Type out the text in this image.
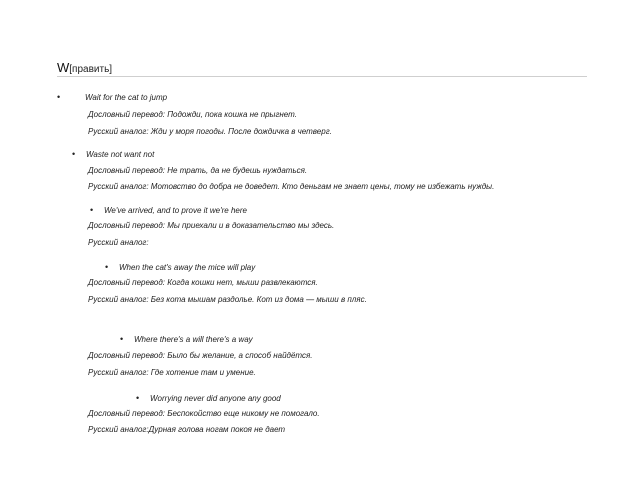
W[править]
•	Wait for the cat to jump
Дословный перевод: Подожди, пока кошка не прыгнет.
Русский аналог: Жди у моря погоды. После дождичка в четверг.
• Waste not want not
Дословный перевод: Не трать, да не будешь нуждаться.
Русский аналог: Мотовство до добра не доведет. Кто деньгам не знает цены, тому не избежать нужды.
• We've arrived, and to prove it we're here
Дословный перевод: Мы приехали и в доказательство мы здесь.
Русский аналог:
• When the cat's away the mice will play
Дословный перевод: Когда кошки нет, мыши развлекаются.
Русский аналог: Без кота мышам раздолье. Кот из дома — мыши в пляс.
• Where there's a will there's a way
Дословный перевод: Было бы желание, а способ найдётся.
Русский аналог: Где хотение там и умение.
• Worrying never did anyone any good
Дословный перевод: Беспокойство еще никому не помогало.
Русский аналог:Дурная голова ногам покоя не дает
